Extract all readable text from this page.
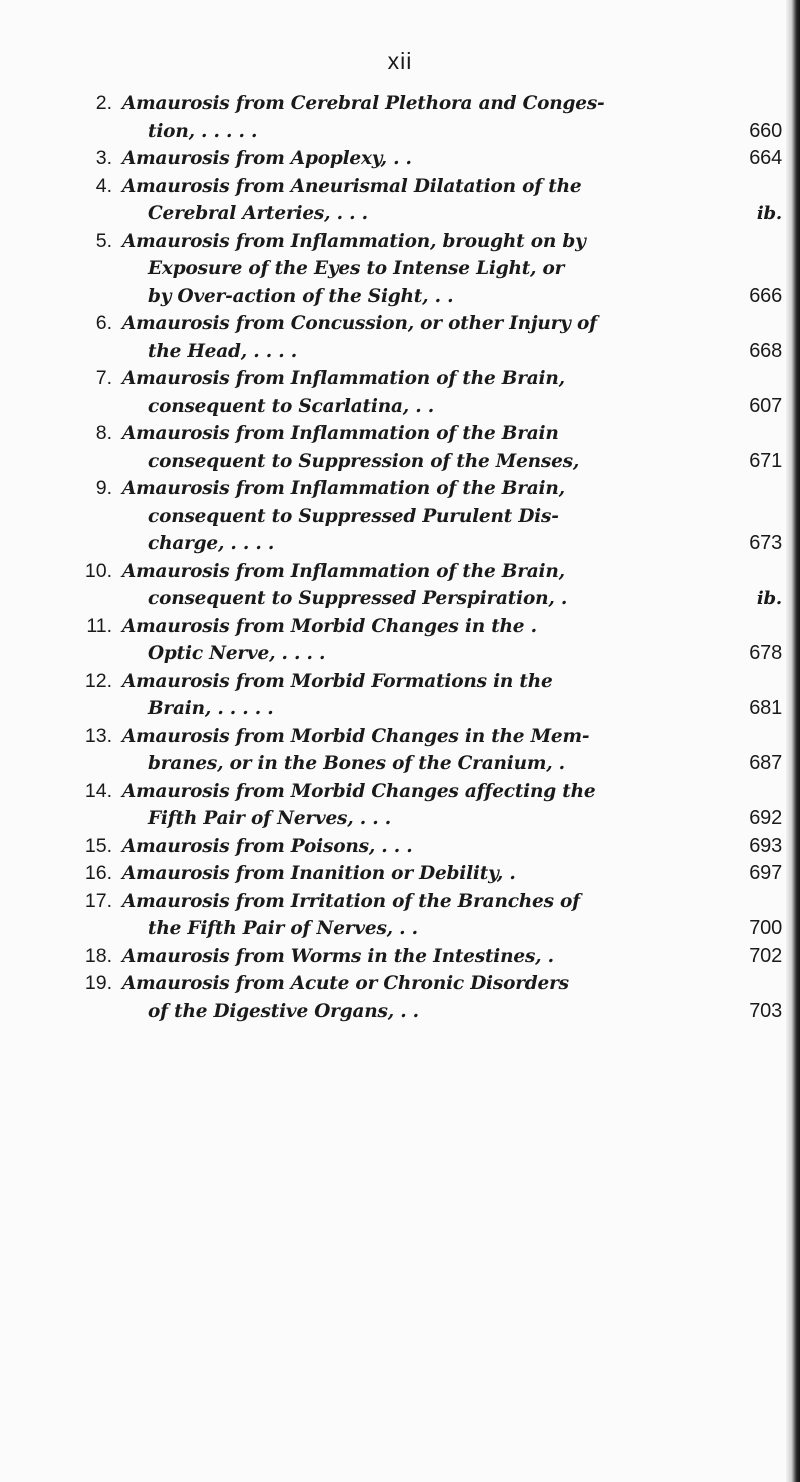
xii
2. Amaurosis from Cerebral Plethora and Conges-
tion, . . . . .	660
3. Amaurosis from Apoplexy, . .	664
4. Amaurosis from Aneurismal Dilatation of the
Cerebral Arteries, . . .	ib.
5. Amaurosis from Inflammation, brought on by
Exposure of the Eyes to Intense Light, or
by Over-action of the Sight, . .	666
6. Amaurosis from Concussion, or other Injury of
the Head, . . . .	668
7. Amaurosis from Inflammation of the Brain,
consequent to Scarlatina, . .	607
8. Amaurosis from Inflammation of the Brain
consequent to Suppression of the Menses,	671
9. Amaurosis from Inflammation of the Brain,
consequent to Suppressed Purulent Dis-
charge, . . . .	673
10. Amaurosis from Inflammation of the Brain,
consequent to Suppressed Perspiration, .	ib.
11. Amaurosis from Morbid Changes in the .
Optic Nerve, . . . .	678
12. Amaurosis from Morbid Formations in the
Brain, . . . . .	681
13. Amaurosis from Morbid Changes in the Mem-
branes, or in the Bones of the Cranium, .	687
14. Amaurosis from Morbid Changes affecting the
Fifth Pair of Nerves, . . .	692
15. Amaurosis from Poisons, . . .	693
16. Amaurosis from Inanition or Debility, .	697
17. Amaurosis from Irritation of the Branches of
the Fifth Pair of Nerves, . .	700
18. Amaurosis from Worms in the Intestines, .	702
19. Amaurosis from Acute or Chronic Disorders
of the Digestive Organs, . .	703
